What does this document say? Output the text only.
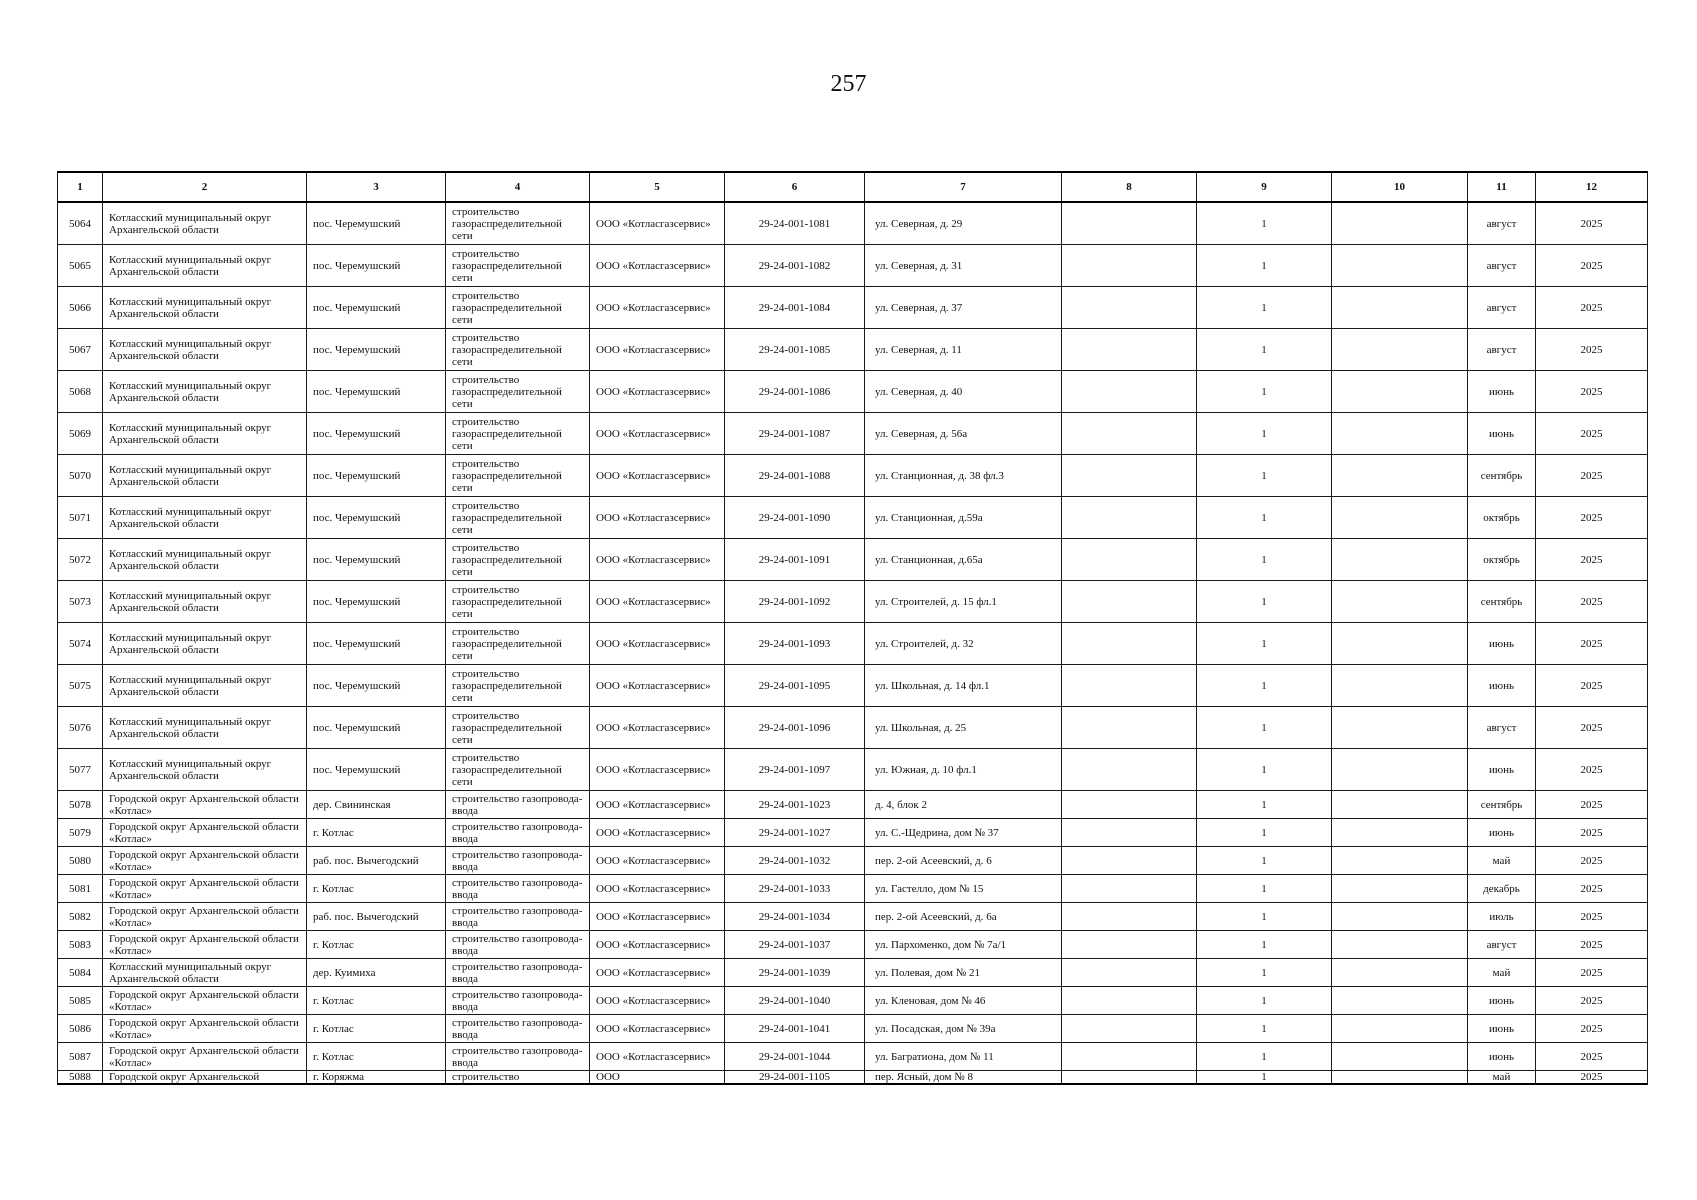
257
1	2	3	4	5	6	7	8	9	10	11	12

5064	Котласский муниципальный округ Архангельской области	пос. Черемушский	строительство газораспределительной сети	ООО «Котласгазсервис»	29-24-001-1081	ул. Северная, д. 29		1		август	2025

5065	Котласский муниципальный округ Архангельской области	пос. Черемушский	строительство газораспределительной сети	ООО «Котласгазсервис»	29-24-001-1082	ул. Северная, д. 31		1		август	2025

5066	Котласский муниципальный округ Архангельской области	пос. Черемушский	строительство газораспределительной сети	ООО «Котласгазсервис»	29-24-001-1084	ул. Северная, д. 37		1		август	2025

5067	Котласский муниципальный округ Архангельской области	пос. Черемушский	строительство газораспределительной сети	ООО «Котласгазсервис»	29-24-001-1085	ул. Северная, д. 11		1		август	2025

5068	Котласский муниципальный округ Архангельской области	пос. Черемушский	строительство газораспределительной сети	ООО «Котласгазсервис»	29-24-001-1086	ул. Северная, д. 40		1		июнь	2025

5069	Котласский муниципальный округ Архангельской области	пос. Черемушский	строительство газораспределительной сети	ООО «Котласгазсервис»	29-24-001-1087	ул. Северная, д. 56а		1		июнь	2025

5070	Котласский муниципальный округ Архангельской области	пос. Черемушский	строительство газораспределительной сети	ООО «Котласгазсервис»	29-24-001-1088	ул. Станционная, д. 38 фл.3		1		сентябрь	2025

5071	Котласский муниципальный округ Архангельской области	пос. Черемушский	строительство газораспределительной сети	ООО «Котласгазсервис»	29-24-001-1090	ул. Станционная, д.59а		1		октябрь	2025

5072	Котласский муниципальный округ Архангельской области	пос. Черемушский	строительство газораспределительной сети	ООО «Котласгазсервис»	29-24-001-1091	ул. Станционная, д.65а		1		октябрь	2025

5073	Котласский муниципальный округ Архангельской области	пос. Черемушский	строительство газораспределительной сети	ООО «Котласгазсервис»	29-24-001-1092	ул. Строителей, д. 15 фл.1		1		сентябрь	2025

5074	Котласский муниципальный округ Архангельской области	пос. Черемушский	строительство газораспределительной сети	ООО «Котласгазсервис»	29-24-001-1093	ул. Строителей, д. 32		1		июнь	2025

5075	Котласский муниципальный округ Архангельской области	пос. Черемушский	строительство газораспределительной сети	ООО «Котласгазсервис»	29-24-001-1095	ул. Школьная, д. 14 фл.1		1		июнь	2025

5076	Котласский муниципальный округ Архангельской области	пос. Черемушский	строительство газораспределительной сети	ООО «Котласгазсервис»	29-24-001-1096	ул. Школьная, д. 25		1		август	2025

5077	Котласский муниципальный округ Архангельской области	пос. Черемушский	строительство газораспределительной сети	ООО «Котласгазсервис»	29-24-001-1097	ул. Южная, д. 10 фл.1		1		июнь	2025

5078	Городской округ Архангельской области «Котлас»	дер. Свининская	строительство газопровода-ввода	ООО «Котласгазсервис»	29-24-001-1023	д. 4, блок 2		1		сентябрь	2025

5079	Городской округ Архангельской области «Котлас»	г. Котлас	строительство газопровода-ввода	ООО «Котласгазсервис»	29-24-001-1027	ул. С.-Щедрина, дом № 37		1		июнь	2025

5080	Городской округ Архангельской области «Котлас»	раб. пос. Вычегодский	строительство газопровода-ввода	ООО «Котласгазсервис»	29-24-001-1032	пер. 2-ой Асеевский, д. 6		1		май	2025

5081	Городской округ Архангельской области «Котлас»	г. Котлас	строительство газопровода-ввода	ООО «Котласгазсервис»	29-24-001-1033	ул. Гастелло, дом № 15		1		декабрь	2025

5082	Городской округ Архангельской области «Котлас»	раб. пос. Вычегодский	строительство газопровода-ввода	ООО «Котласгазсервис»	29-24-001-1034	пер. 2-ой Асеевский, д. 6а		1		июль	2025

5083	Городской округ Архангельской области «Котлас»	г. Котлас	строительство газопровода-ввода	ООО «Котласгазсервис»	29-24-001-1037	ул. Пархоменко, дом № 7а/1		1		август	2025

5084	Котласский муниципальный округ Архангельской области	дер. Куимиха	строительство газопровода-ввода	ООО «Котласгазсервис»	29-24-001-1039	ул. Полевая, дом № 21		1		май	2025

5085	Городской округ Архангельской области «Котлас»	г. Котлас	строительство газопровода-ввода	ООО «Котласгазсервис»	29-24-001-1040	ул. Кленовая, дом № 46		1		июнь	2025

5086	Городской округ Архангельской области «Котлас»	г. Котлас	строительство газопровода-ввода	ООО «Котласгазсервис»	29-24-001-1041	ул. Посадская, дом № 39а		1		июнь	2025

5087	Городской округ Архангельской области «Котлас»	г. Котлас	строительство газопровода-ввода	ООО «Котласгазсервис»	29-24-001-1044	ул. Багратиона, дом № 11		1		июнь	2025

5088	Городской округ Архангельской	г. Коряжма	строительство	ООО	29-24-001-1105	пер. Ясный, дом № 8		1		май	2025
